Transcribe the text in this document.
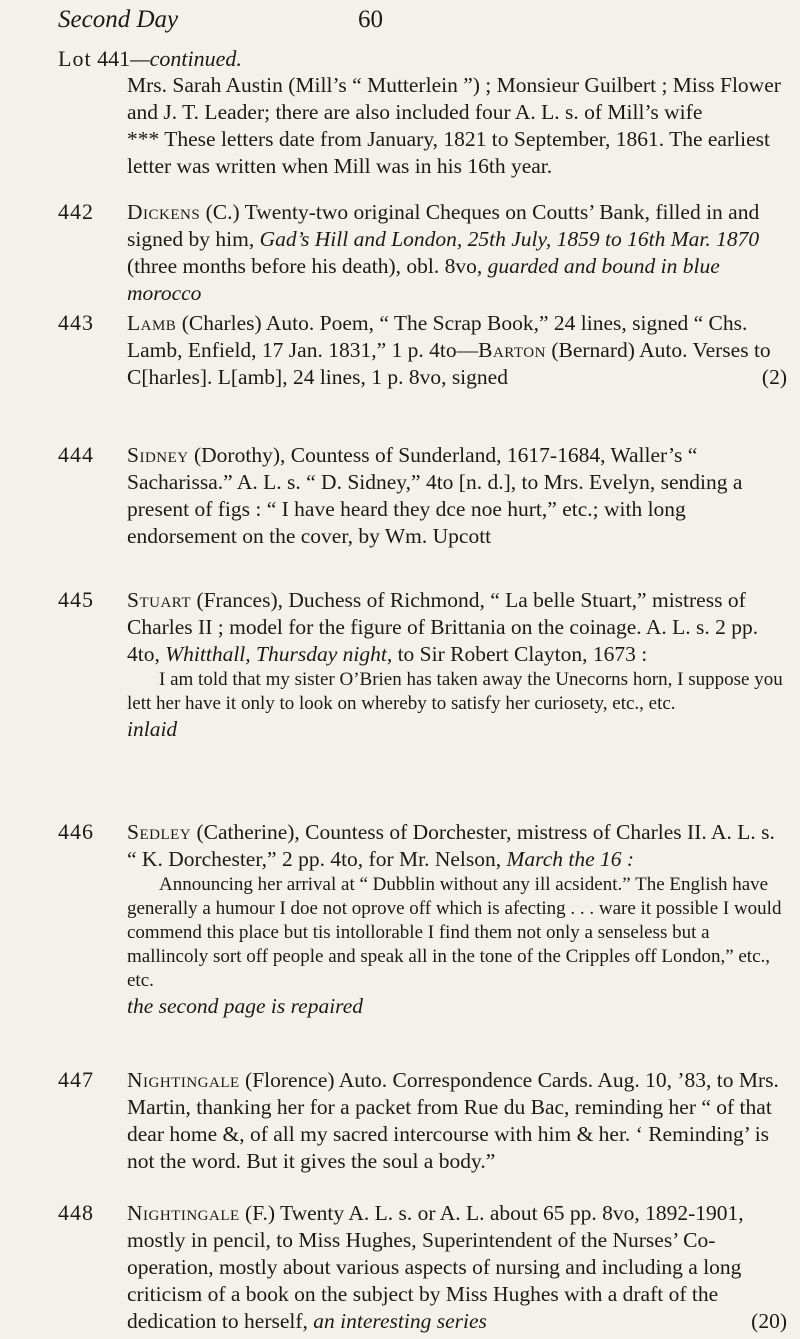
Second Day	60
Lot 441—continued.

Mrs. Sarah Austin (Mill’s “ Mutterlein ”) ; Monsieur Guilbert ; Miss Flower and J. T. Leader; there are also included four A. L. s. of Mill’s wife

*** These letters date from January, 1821 to September, 1861. The earliest letter was written when Mill was in his 16th year.

442 Dickens (C.) Twenty-two original Cheques on Coutts’ Bank, filled in and signed by him, Gad’s Hill and London, 25th July, 1859 to 16th Mar. 1870 (three months before his death), obl. 8vo, guarded and bound in blue morocco

443 Lamb (Charles) Auto. Poem, “ The Scrap Book,” 24 lines, signed “ Chs. Lamb, Enfield, 17 Jan. 1831,” 1 p. 4to—Barton (Bernard) Auto. Verses to C[harles]. L[amb], 24 lines, 1 p. 8vo, signed	(2)

444 Sidney (Dorothy), Countess of Sunderland, 1617-1684, Waller’s “ Sacharissa.” A. L. s. “ D. Sidney,” 4to [n. d.], to Mrs. Evelyn, sending a present of figs : “ I have heard they dce noe hurt,” etc.; with long endorsement on the cover, by Wm. Upcott

445 Stuart (Frances), Duchess of Richmond, “ La belle Stuart,” mistress of Charles II ; model for the figure of Brittania on the coinage. A. L. s. 2 pp. 4to, Whitthall, Thursday night, to Sir Robert Clayton, 1673 :

I am told that my sister O’Brien has taken away the Unecorns horn, I suppose you lett her have it only to look on whereby to satisfy her curiosety, etc., etc.

inlaid

446 Sedley (Catherine), Countess of Dorchester, mistress of Charles II. A. L. s. “ K. Dorchester,” 2 pp. 4to, for Mr. Nelson, March the 16 :

Announcing her arrival at “ Dubblin without any ill acsident.” The English have generally a humour I doe not oprove off which is afecting . . . ware it possible I would commend this place but tis intollorable I find them not only a senseless but a mallincoly sort off people and speak all in the tone of the Cripples off London,” etc., etc.

the second page is repaired

447 Nightingale (Florence) Auto. Correspondence Cards. Aug. 10, ’83, to Mrs. Martin, thanking her for a packet from Rue du Bac, reminding her “ of that dear home &, of all my sacred intercourse with him & her. ‘ Reminding’ is not the word. But it gives the soul a body.”

448 Nightingale (F.) Twenty A. L. s. or A. L. about 65 pp. 8vo, 1892-1901, mostly in pencil, to Miss Hughes, Superintendent of the Nurses’ Co-operation, mostly about various aspects of nursing and including a long criticism of a book on the subject by Miss Hughes with a draft of the dedication to herself, an interesting series	(20)
